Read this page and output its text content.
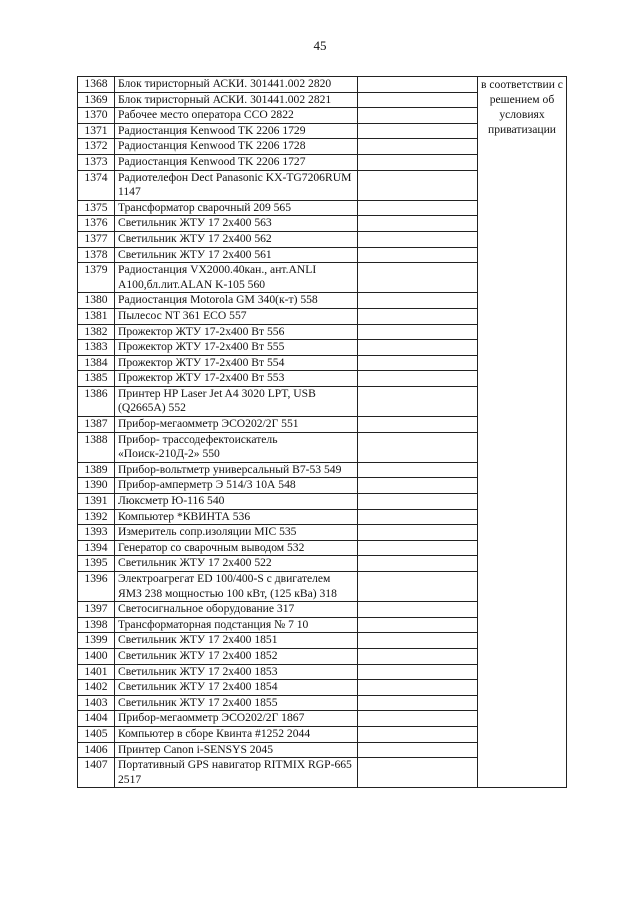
45
1368	Блок тиристорный АСКИ. 301441.002 2820		в соответствии с решением об условиях приватизации
1369	Блок тиристорный АСКИ. 301441.002 2821		
1370	Рабочее место оператора ССО 2822		
1371	Радиостанция Kenwood TK 2206 1729		
1372	Радиостанция Kenwood TK 2206 1728		
1373	Радиостанция Kenwood TK 2206 1727		
1374	Радиотелефон Dect Panasonic KX-TG7206RUM 1147		
1375	Трансформатор сварочный 209 565		
1376	Светильник ЖТУ 17 2х400 563		
1377	Светильник ЖТУ 17 2х400 562		
1378	Светильник ЖТУ 17 2х400 561		
1379	Радиостанция VX2000.40кан., ант.ANLI A100,бл.лит.ALAN K-105 560		
1380	Радиостанция Motorola GM 340(к-т) 558		
1381	Пылесос NT 361 ECO 557		
1382	Прожектор ЖТУ 17-2х400 Вт 556		
1383	Прожектор ЖТУ 17-2х400 Вт 555		
1384	Прожектор ЖТУ 17-2х400 Вт 554		
1385	Прожектор ЖТУ 17-2х400 Вт 553		
1386	Принтер HP Laser Jet A4 3020 LPT, USB (Q2665A) 552		
1387	Прибор-мегаомметр ЭСО202/2Г 551		
1388	Прибор- трассодефектоискатель «Поиск-210Д-2» 550		
1389	Прибор-вольтметр универсальный В7-53 549		
1390	Прибор-амперметр Э 514/3 10А 548		
1391	Люксметр Ю-116 540		
1392	Компьютер *КВИНТА 536		
1393	Измеритель сопр.изоляции MIC 535		
1394	Генератор со сварочным выводом 532		
1395	Светильник ЖТУ 17 2х400 522		
1396	Электроагрегат ED 100/400-S с двигателем ЯМЗ 238 мощностью 100 кВт, (125 кВа) 318		
1397	Светосигнальное оборудование 317		
1398	Трансформаторная подстанция № 7 10		
1399	Светильник ЖТУ 17 2х400 1851		
1400	Светильник ЖТУ 17 2х400 1852		
1401	Светильник ЖТУ 17 2х400 1853		
1402	Светильник ЖТУ 17 2х400 1854		
1403	Светильник ЖТУ 17 2х400 1855		
1404	Прибор-мегаомметр ЭСО202/2Г 1867		
1405	Компьютер в сборе Квинта #1252 2044		
1406	Принтер Canon i-SENSYS 2045		
1407	Портативный GPS навигатор RITMIX RGP-665 2517		
